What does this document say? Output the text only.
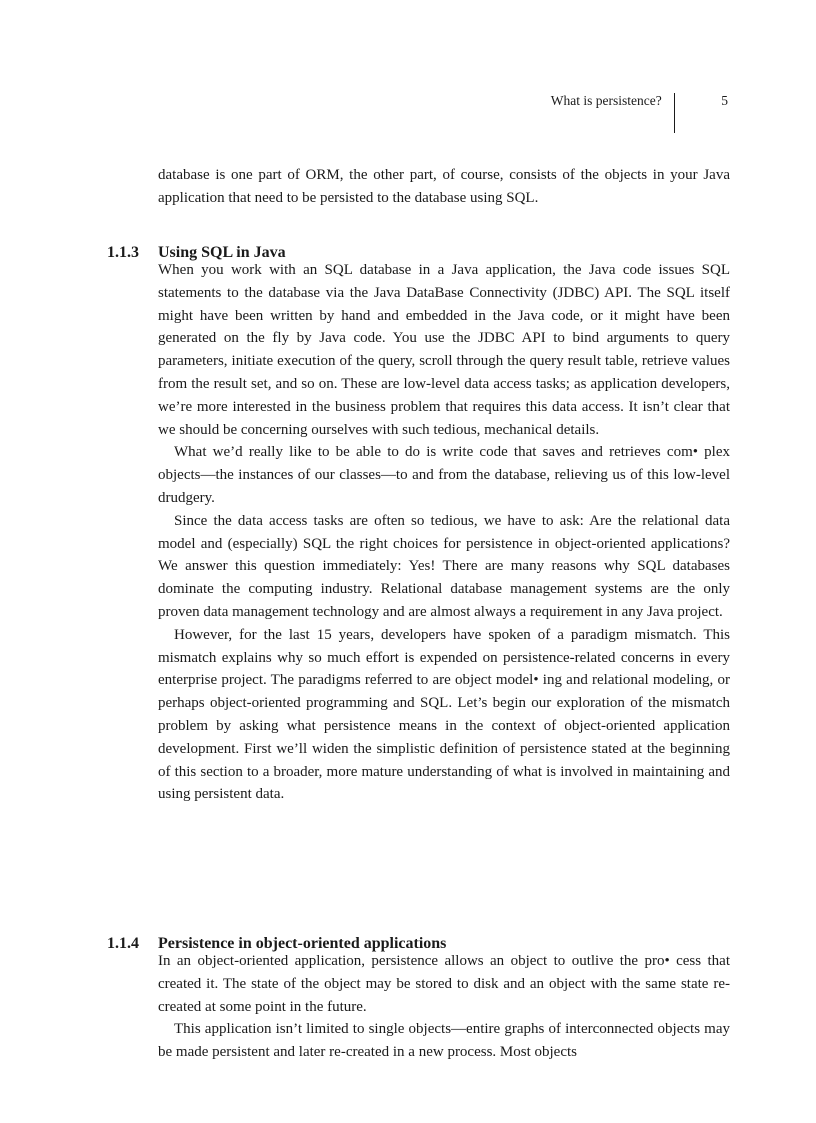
What is persistence?	5

database is one part of ORM, the other part, of course, consists of the objects in your Java application that need to be persisted to the database using SQL.

1.1.3 Using SQL in Java

When you work with an SQL database in a Java application, the Java code issues SQL statements to the database via the Java DataBase Connectivity (JDBC) API. The SQL itself might have been written by hand and embedded in the Java code, or it might have been generated on the fly by Java code. You use the JDBC API to bind arguments to query parameters, initiate execution of the query, scroll through the query result table, retrieve values from the result set, and so on. These are low-level data access tasks; as application developers, we’re more interested in the business problem that requires this data access. It isn’t clear that we should be concerning ourselves with such tedious, mechanical details.

What we’d really like to be able to do is write code that saves and retrieves com• plex objects—the instances of our classes—to and from the database, relieving us of this low-level drudgery.

Since the data access tasks are often so tedious, we have to ask: Are the relational data model and (especially) SQL the right choices for persistence in object-oriented applications? We answer this question immediately: Yes! There are many reasons why SQL databases dominate the computing industry. Relational database management systems are the only proven data management technology and are almost always a requirement in any Java project.

However, for the last 15 years, developers have spoken of a paradigm mismatch. This mismatch explains why so much effort is expended on persistence-related concerns in every enterprise project. The paradigms referred to are object model• ing and relational modeling, or perhaps object-oriented programming and SQL. Let’s begin our exploration of the mismatch problem by asking what persistence means in the context of object-oriented application development. First we’ll widen the simplistic definition of persistence stated at the beginning of this section to a broader, more mature understanding of what is involved in maintaining and using persistent data.

1.1.4 Persistence in object-oriented applications

In an object-oriented application, persistence allows an object to outlive the pro• cess that created it. The state of the object may be stored to disk and an object with the same state re-created at some point in the future.

This application isn’t limited to single objects—entire graphs of interconnected objects may be made persistent and later re-created in a new process. Most objects
